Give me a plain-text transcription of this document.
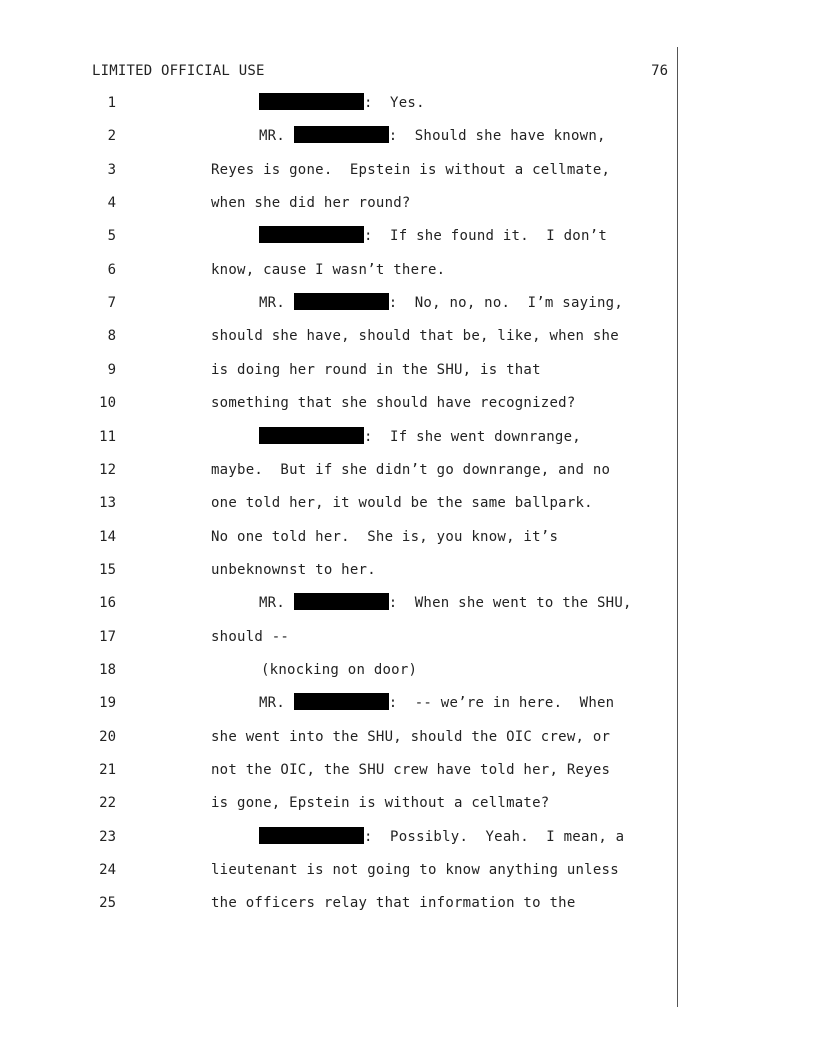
LIMITED OFFICIAL USE	76
1	:  Yes.
2	MR.	:  Should she have known,
3	Reyes is gone.  Epstein is without a cellmate,
4	when she did her round?
5	:  If she found it.  I don’t
6	know, cause I wasn’t there.
7	MR.	:  No, no, no.  I’m saying,
8	should she have, should that be, like, when she
9	is doing her round in the SHU, is that
10	something that she should have recognized?
11	:  If she went downrange,
12	maybe.  But if she didn’t go downrange, and no
13	one told her, it would be the same ballpark.
14	No one told her.  She is, you know, it’s
15	unbeknownst to her.
16	MR.	:  When she went to the SHU,
17	should --
18	(knocking on door)
19	MR.	:  -- we’re in here.  When
20	she went into the SHU, should the OIC crew, or
21	not the OIC, the SHU crew have told her, Reyes
22	is gone, Epstein is without a cellmate?
23	:  Possibly.  Yeah.  I mean, a
24	lieutenant is not going to know anything unless
25	the officers relay that information to the
